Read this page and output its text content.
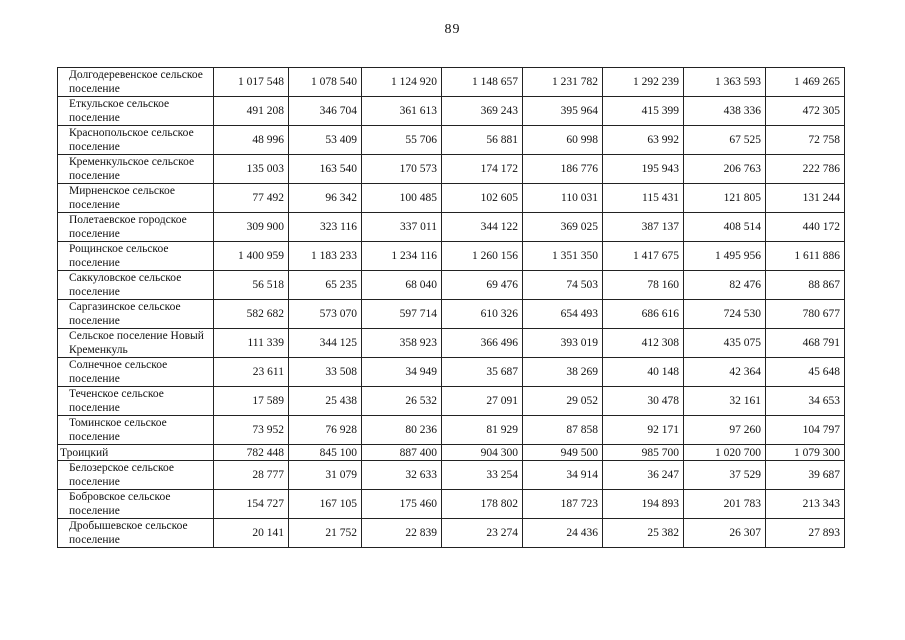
89
Долгодеревенское сельское поселение	1 017 548	1 078 540	1 124 920	1 148 657	1 231 782	1 292 239	1 363 593	1 469 265
Еткульское сельское поселение	491 208	346 704	361 613	369 243	395 964	415 399	438 336	472 305
Краснопольское сельское поселение	48 996	53 409	55 706	56 881	60 998	63 992	67 525	72 758
Кременкульское сельское поселение	135 003	163 540	170 573	174 172	186 776	195 943	206 763	222 786
Мирненское сельское поселение	77 492	96 342	100 485	102 605	110 031	115 431	121 805	131 244
Полетаевское городское поселение	309 900	323 116	337 011	344 122	369 025	387 137	408 514	440 172
Рощинское сельское поселение	1 400 959	1 183 233	1 234 116	1 260 156	1 351 350	1 417 675	1 495 956	1 611 886
Саккуловское сельское поселение	56 518	65 235	68 040	69 476	74 503	78 160	82 476	88 867
Саргазинское сельское поселение	582 682	573 070	597 714	610 326	654 493	686 616	724 530	780 677
Сельское поселение Новый Кременкуль	111 339	344 125	358 923	366 496	393 019	412 308	435 075	468 791
Солнечное сельское поселение	23 611	33 508	34 949	35 687	38 269	40 148	42 364	45 648
Теченское сельское поселение	17 589	25 438	26 532	27 091	29 052	30 478	32 161	34 653
Томинское сельское поселение	73 952	76 928	80 236	81 929	87 858	92 171	97 260	104 797
Троицкий	782 448	845 100	887 400	904 300	949 500	985 700	1 020 700	1 079 300
Белозерское сельское поселение	28 777	31 079	32 633	33 254	34 914	36 247	37 529	39 687
Бобровское сельское поселение	154 727	167 105	175 460	178 802	187 723	194 893	201 783	213 343
Дробышевское сельское поселение	20 141	21 752	22 839	23 274	24 436	25 382	26 307	27 893
